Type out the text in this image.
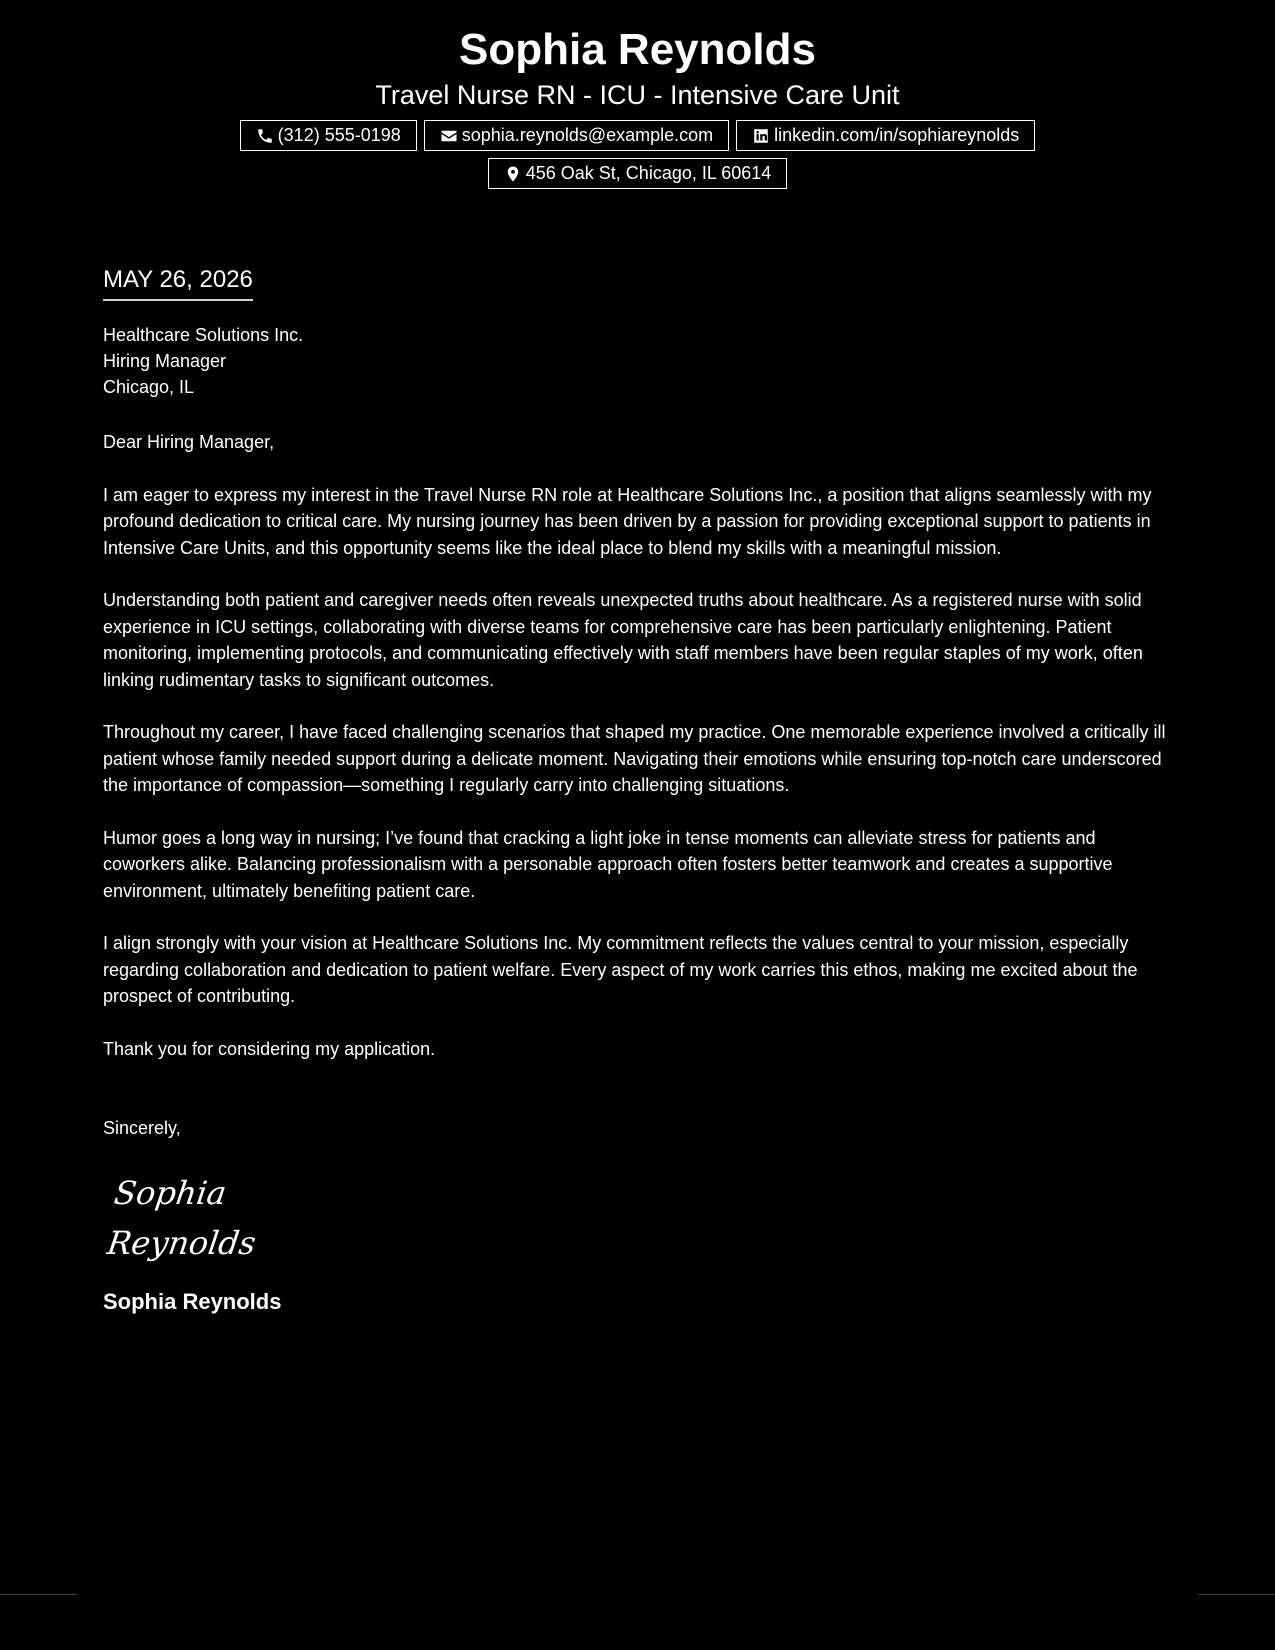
Sophia Reynolds
Travel Nurse RN - ICU - Intensive Care Unit
(312) 555-0198	sophia.reynolds@example.com	linkedin.com/in/sophiareynolds
456 Oak St, Chicago, IL 60614
MAY 26, 2026
Healthcare Solutions Inc.
Hiring Manager
Chicago, IL
Dear Hiring Manager,
I am eager to express my interest in the Travel Nurse RN role at Healthcare Solutions Inc., a position that aligns seamlessly with my profound dedication to critical care. My nursing journey has been driven by a passion for providing exceptional support to patients in Intensive Care Units, and this opportunity seems like the ideal place to blend my skills with a meaningful mission.
Understanding both patient and caregiver needs often reveals unexpected truths about healthcare. As a registered nurse with solid experience in ICU settings, collaborating with diverse teams for comprehensive care has been particularly enlightening. Patient monitoring, implementing protocols, and communicating effectively with staff members have been regular staples of my work, often linking rudimentary tasks to significant outcomes.
Throughout my career, I have faced challenging scenarios that shaped my practice. One memorable experience involved a critically ill patient whose family needed support during a delicate moment. Navigating their emotions while ensuring top-notch care underscored the importance of compassion—something I regularly carry into challenging situations.
Humor goes a long way in nursing; I’ve found that cracking a light joke in tense moments can alleviate stress for patients and coworkers alike. Balancing professionalism with a personable approach often fosters better teamwork and creates a supportive environment, ultimately benefiting patient care.
I align strongly with your vision at Healthcare Solutions Inc. My commitment reflects the values central to your mission, especially regarding collaboration and dedication to patient welfare. Every aspect of my work carries this ethos, making me excited about the prospect of contributing.
Thank you for considering my application.
Sincerely,
Sophia Reynolds
Sophia Reynolds
